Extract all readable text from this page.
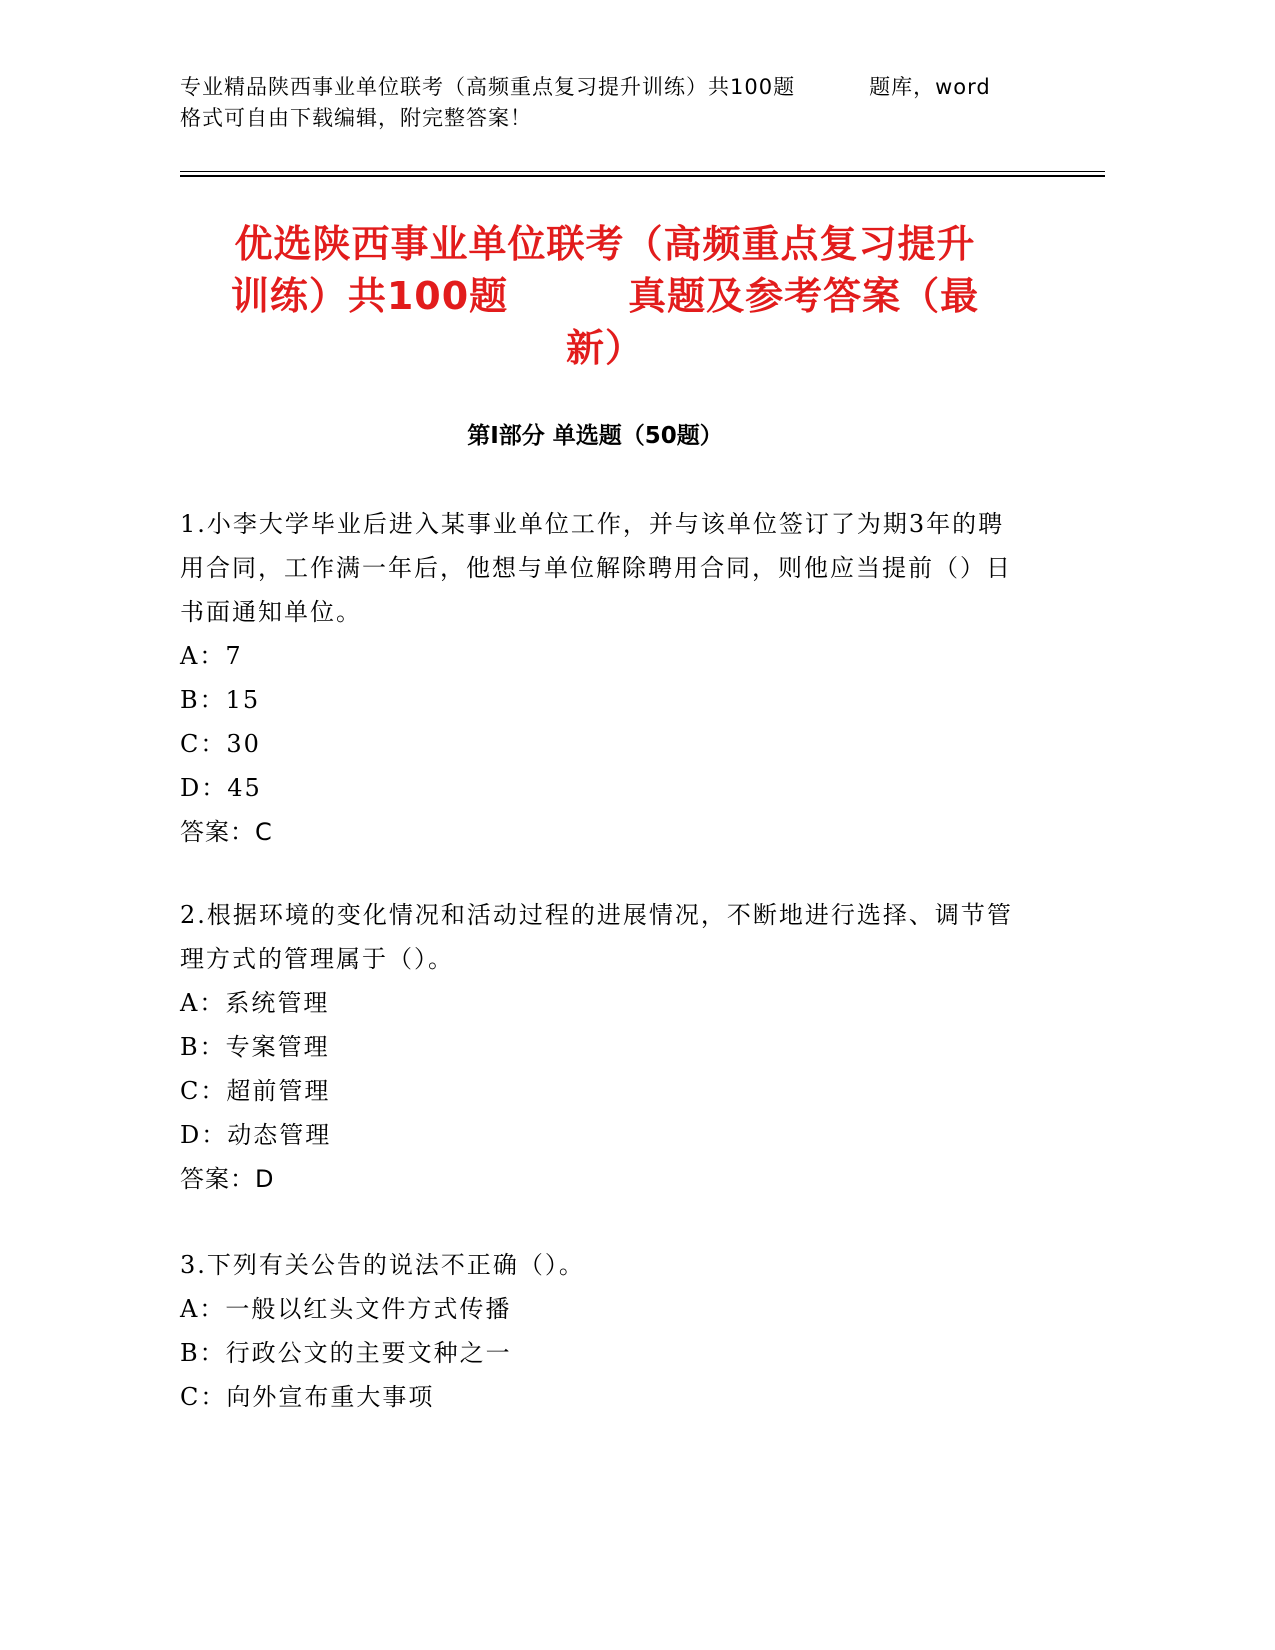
专业精品陕西事业单位联考（高频重点复习提升训练）共100题	题库，word
格式可自由下载编辑，附完整答案！
优选陕西事业单位联考（高频重点复习提升
训练）共100题	真题及参考答案（最
新）
第Ⅰ部分 单选题（50题）

1.小李大学毕业后进入某事业单位工作，并与该单位签订了为期3年的聘用合同，工作满一年后，他想与单位解除聘用合同，则他应当提前（）日书面通知单位。

A：7

B：15

C：30

D：45

答案：C

2.根据环境的变化情况和活动过程的进展情况，不断地进行选择、调节管理方式的管理属于（）。

A：系统管理

B：专案管理

C：超前管理

D：动态管理

答案：D

3.下列有关公告的说法不正确（）。

A：一般以红头文件方式传播

B：行政公文的主要文种之一

C：向外宣布重大事项
